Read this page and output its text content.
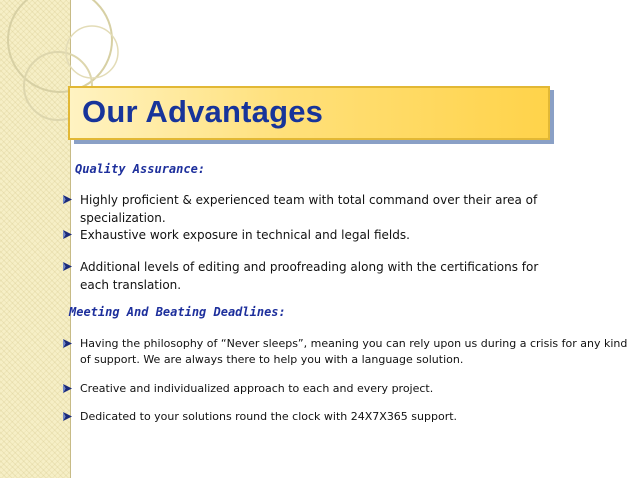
Our Advantages
Quality Assurance:
Highly proficient & experienced team with total command over their area of specialization.
Exhaustive work exposure in technical and legal fields.
Additional levels of editing and proofreading along with the certifications for each translation.
Meeting And Beating Deadlines:
Having the philosophy of “Never sleeps”, meaning you can rely upon us during a crisis for any kind of support. We are always there to help you with a language solution.
Creative and individualized approach to each and every project.
Dedicated to your solutions round the clock with 24X7X365 support.
